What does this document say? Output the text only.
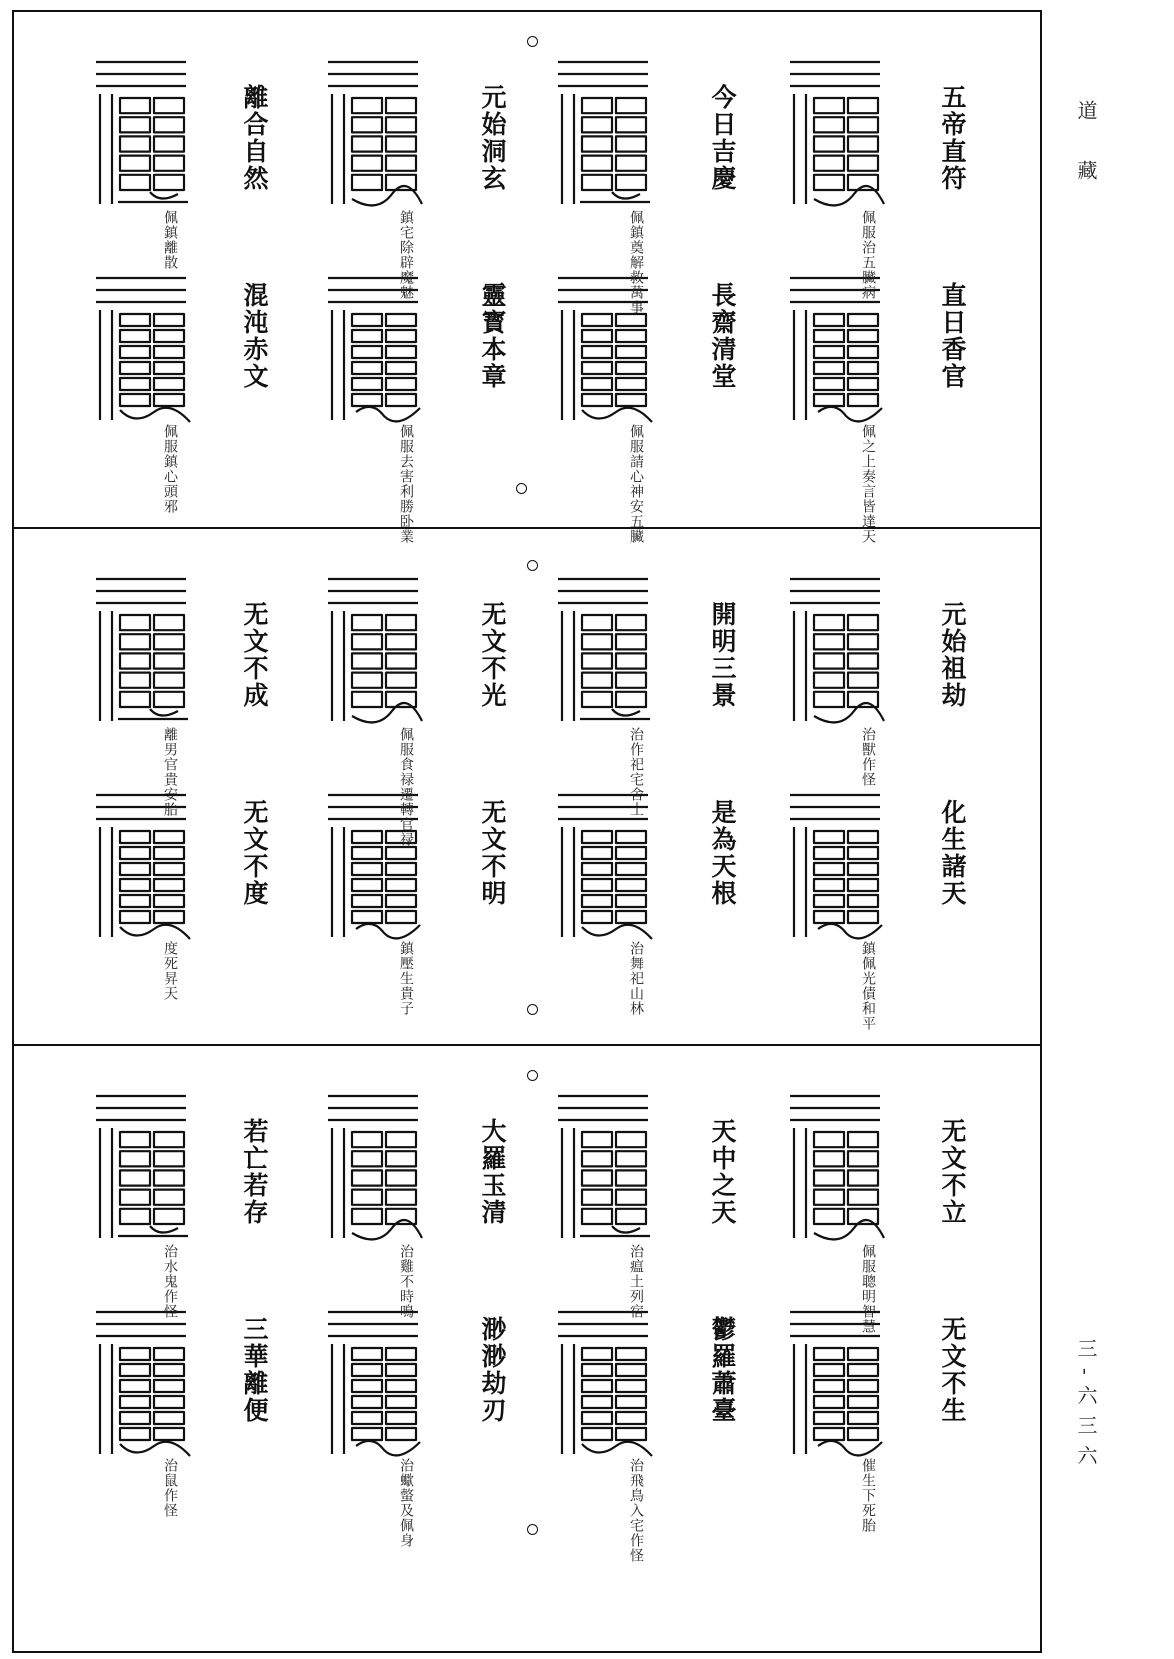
道　藏
三‐六三六
五帝直符
直日香官
佩服治五臟病
佩之上奏言皆達天
今日吉慶
長齋清堂
佩鎮奠解救萬事
佩服請心神安五臟
元始洞玄
靈寳本章
鎮宅除辟魔魅
佩服去害利勝卧業
離合自然
混沌赤文
佩鎮離散
佩服鎮心頭邪
元始祖劫
化生諸天
治獸作怪
鎮佩光債和平
開明三景
是為天根
治作祀宅舍土
治舞祀山林
无文不光
无文不明
佩服食禄遷轉官禄
鎮壓生貴子
无文不成
无文不度
離男官貴安胎
度死昇天
无文不立
无文不生
佩服聰明智慧
催生下死胎
天中之天
鬱羅蕭臺
治瘟土列宿
治飛鳥入宅作怪
大羅玉清
渺渺劫刃
治雞不時鳴
治蠍螫及佩身
若亡若存
三華離便
治水鬼作怪
治鼠作怪
